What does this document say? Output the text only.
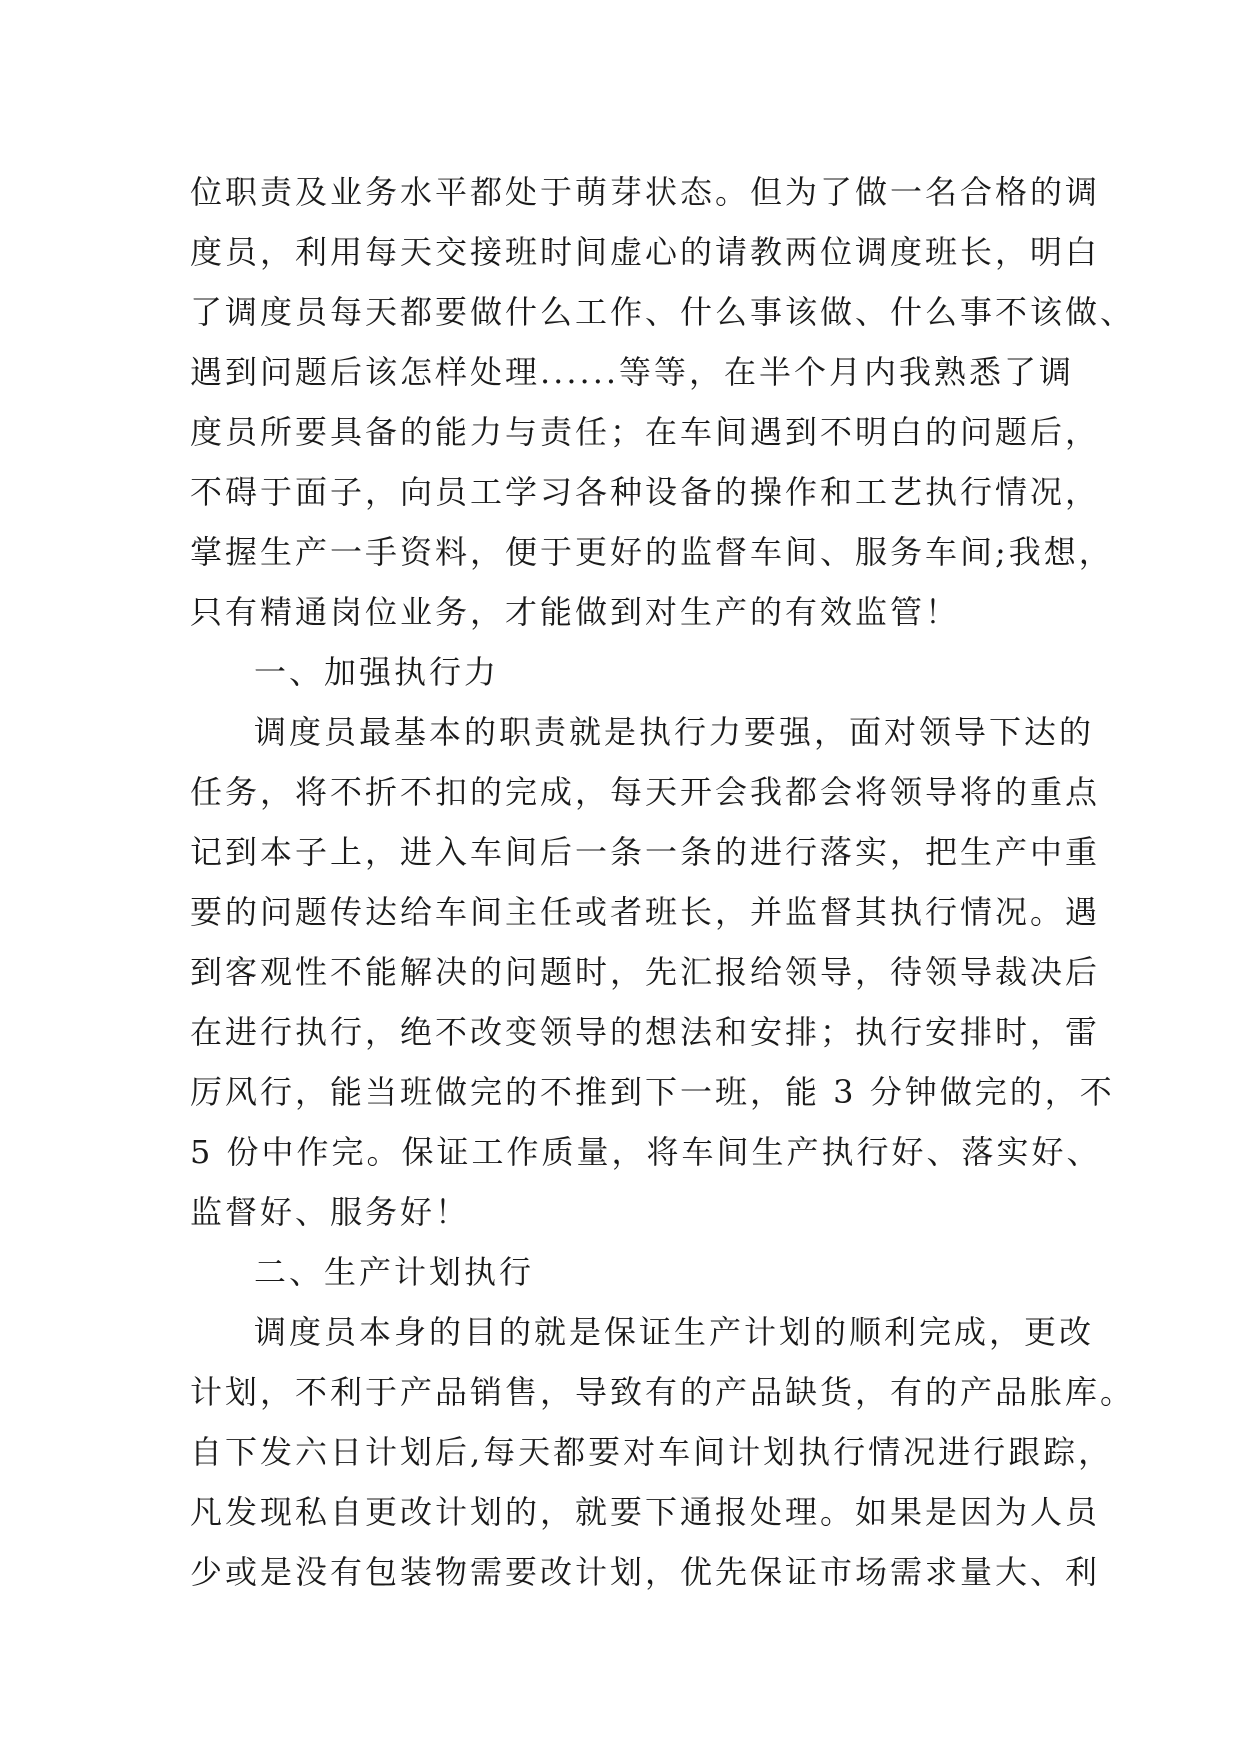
位职责及业务水平都处于萌芽状态。但为了做一名合格的调
度员，利用每天交接班时间虚心的请教两位调度班长，明白
了调度员每天都要做什么工作、什么事该做、什么事不该做、
遇到问题后该怎样处理......等等，在半个月内我熟悉了调
度员所要具备的能力与责任；在车间遇到不明白的问题后，
不碍于面子，向员工学习各种设备的操作和工艺执行情况，
掌握生产一手资料，便于更好的监督车间、服务车间;我想，
只有精通岗位业务，才能做到对生产的有效监管！
一、加强执行力
调度员最基本的职责就是执行力要强，面对领导下达的
任务，将不折不扣的完成，每天开会我都会将领导将的重点
记到本子上，进入车间后一条一条的进行落实，把生产中重
要的问题传达给车间主任或者班长，并监督其执行情况。遇
到客观性不能解决的问题时，先汇报给领导，待领导裁决后
在进行执行，绝不改变领导的想法和安排；执行安排时，雷
厉风行，能当班做完的不推到下一班，能 3 分钟做完的，不
5 份中作完。保证工作质量，将车间生产执行好、落实好、
监督好、服务好！
二、生产计划执行
调度员本身的目的就是保证生产计划的顺利完成，更改
计划，不利于产品销售，导致有的产品缺货，有的产品胀库。
自下发六日计划后,每天都要对车间计划执行情况进行跟踪，
凡发现私自更改计划的，就要下通报处理。如果是因为人员
少或是没有包装物需要改计划，优先保证市场需求量大、利
